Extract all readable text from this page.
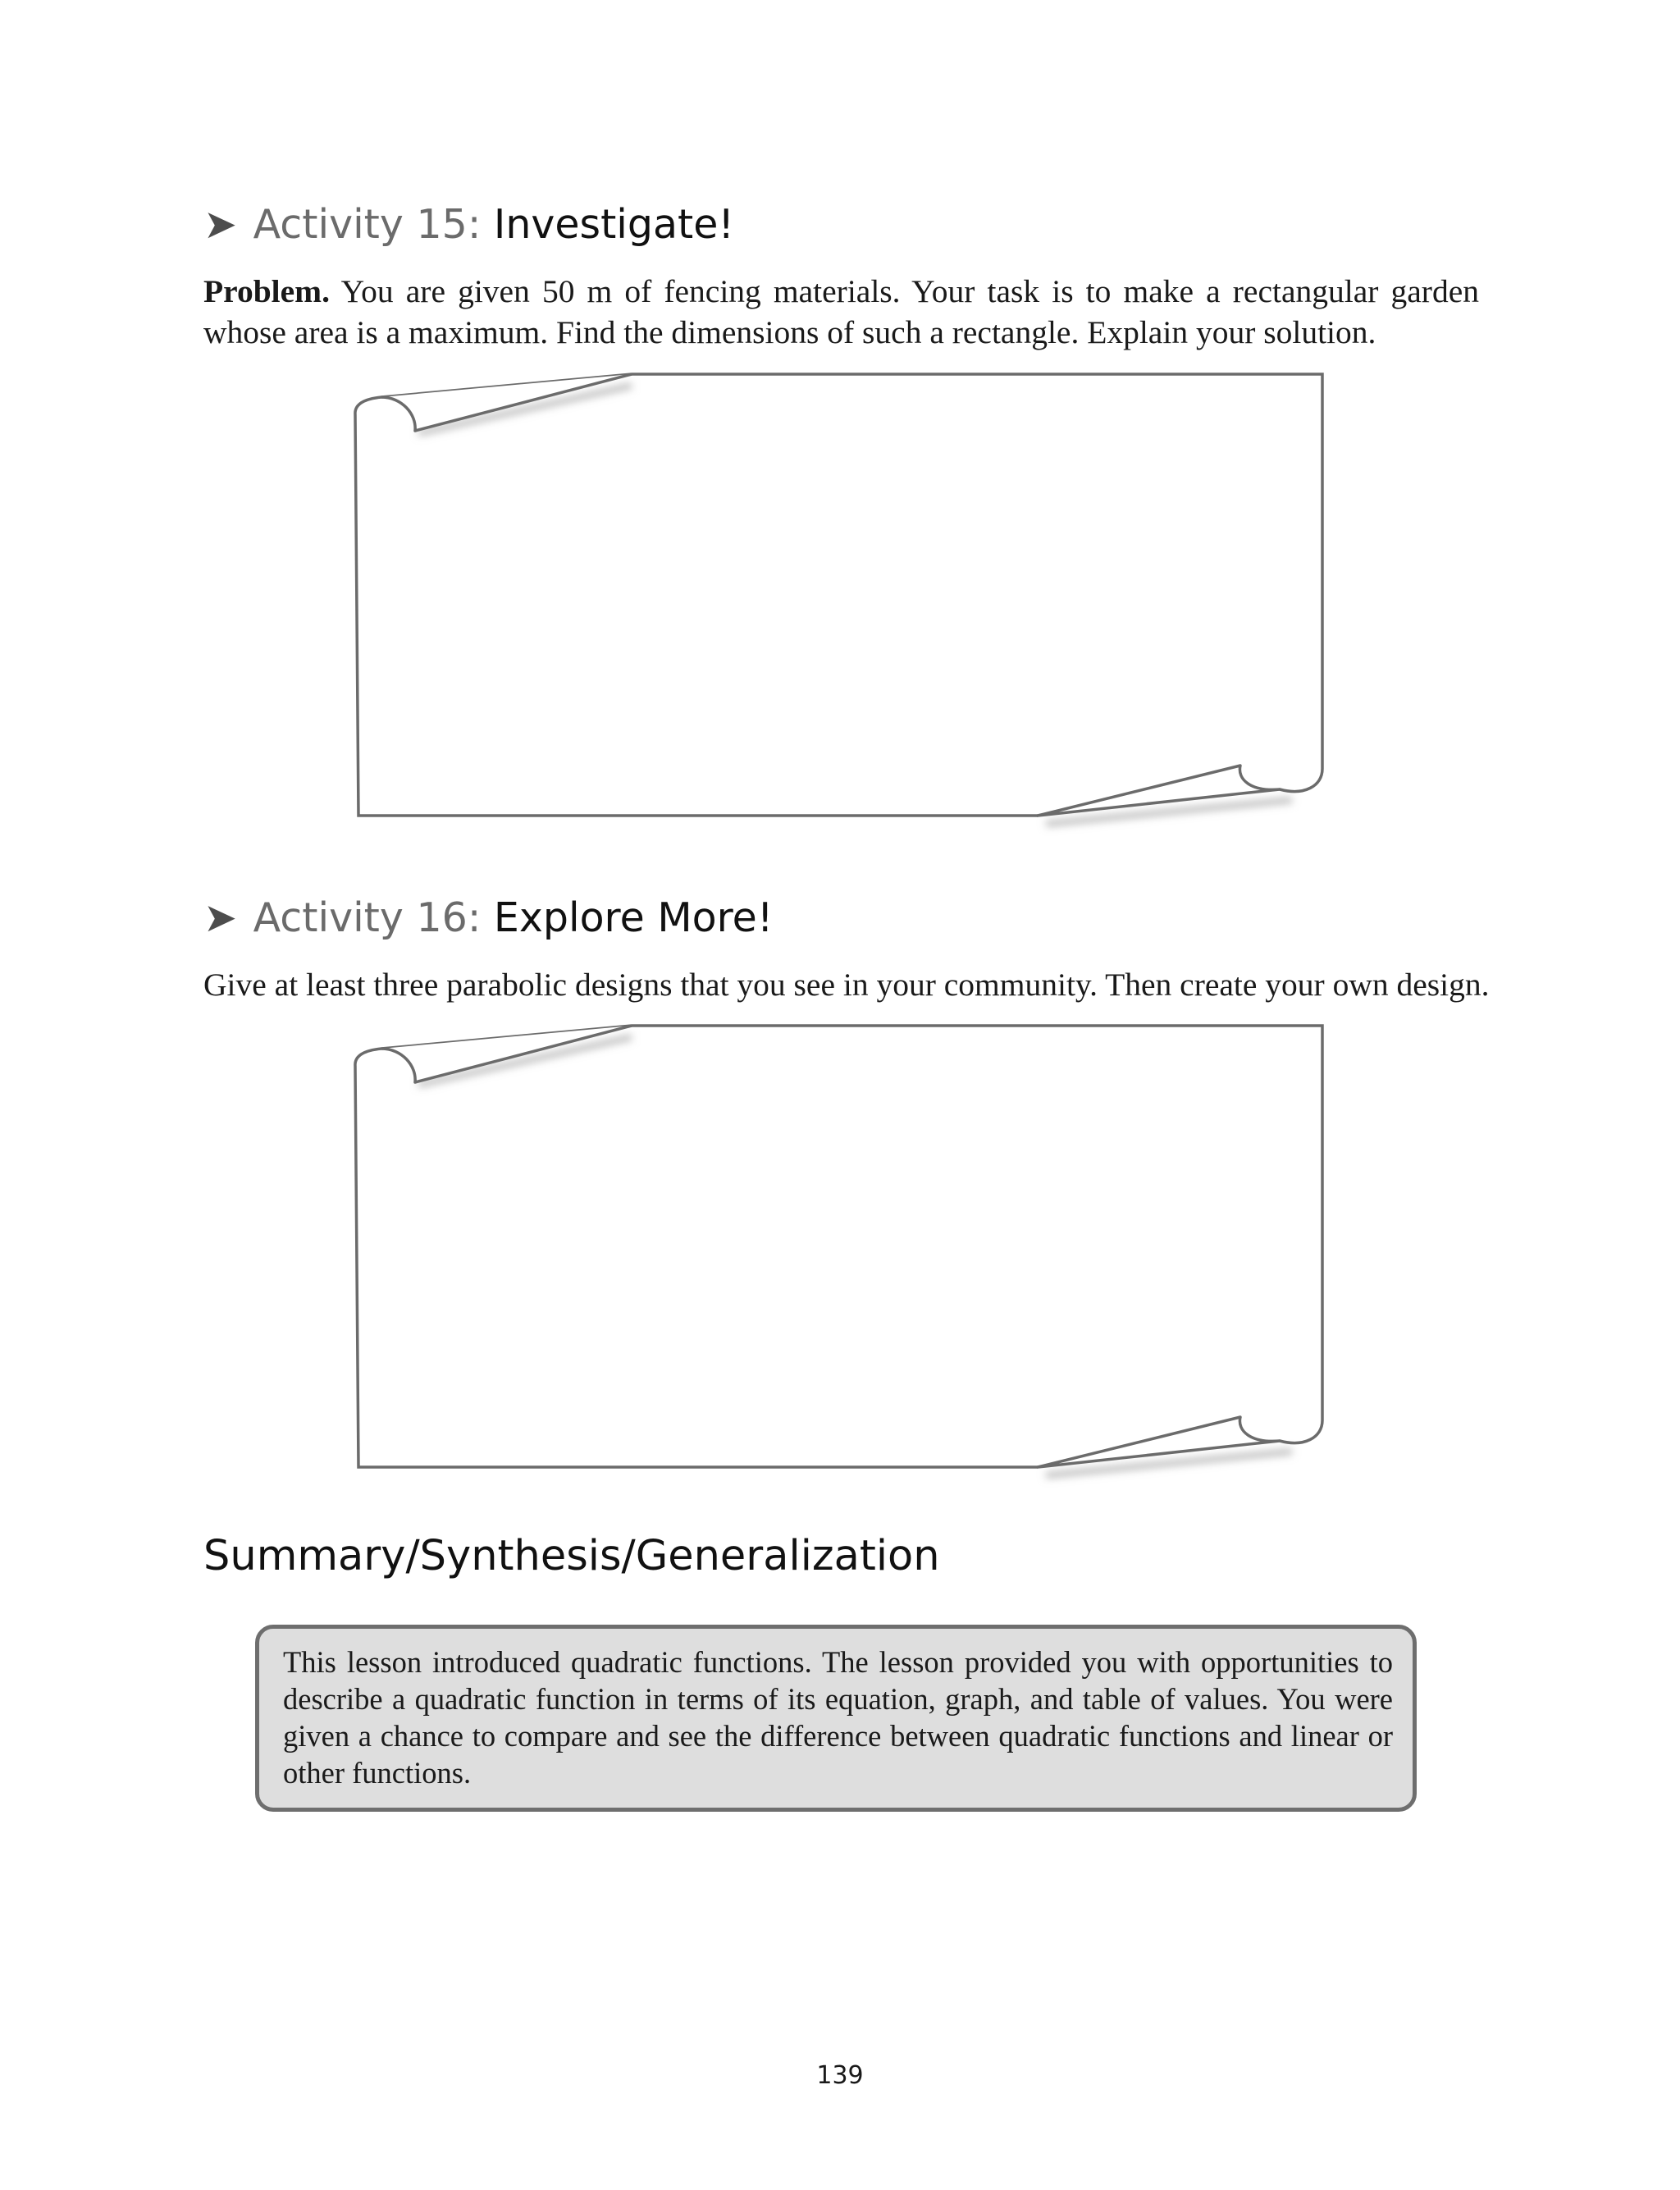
➤ Activity 15: Investigate!
Problem. You are given 50 m of fencing materials. Your task is to make a rectangular garden whose area is a maximum. Find the dimensions of such a rectangle. Explain your solution.
➤ Activity 16: Explore More!
Give at least three parabolic designs that you see in your community. Then create your own design.
Summary/Synthesis/Generalization
This lesson introduced quadratic functions. The lesson provided you with opportunities to describe a quadratic function in terms of its equation, graph, and table of values. You were given a chance to compare and see the difference between quadratic functions and linear or other functions.
139
